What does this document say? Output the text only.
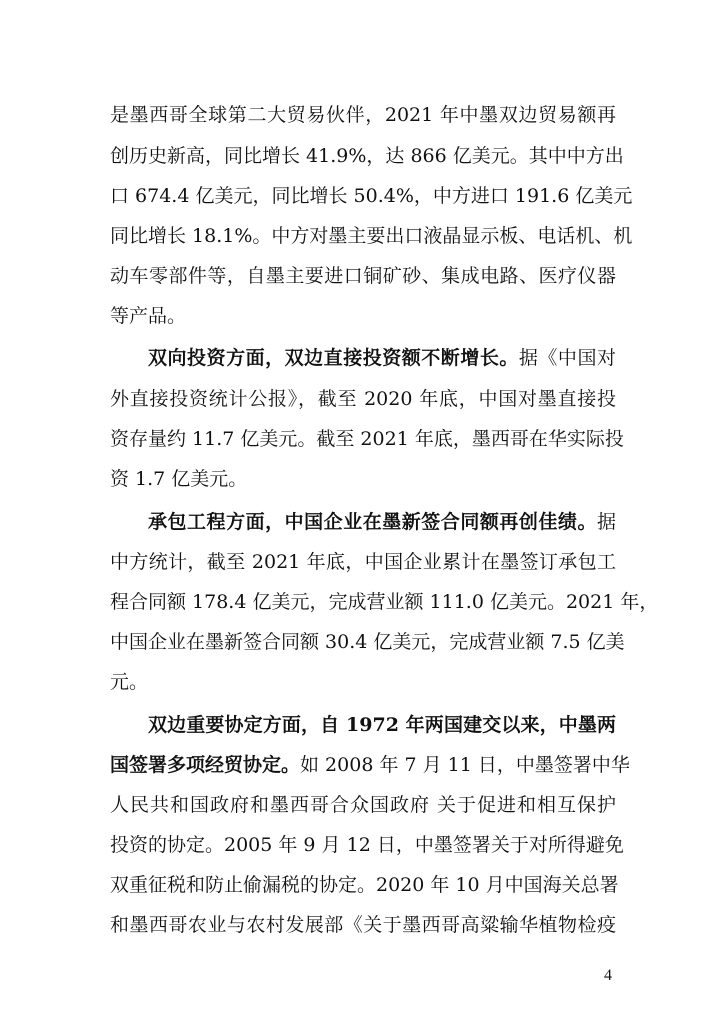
是墨西哥全球第二大贸易伙伴，2021 年中墨双边贸易额再
创历史新高，同比增长 41.9%，达 866 亿美元。其中中方出
口 674.4 亿美元，同比增长 50.4%，中方进口 191.6 亿美元
同比增长 18.1%。中方对墨主要出口液晶显示板、电话机、机
动车零部件等，自墨主要进口铜矿砂、集成电路、医疗仪器
等产品。
双向投资方面，双边直接投资额不断增长。据《中国对
外直接投资统计公报》，截至 2020 年底，中国对墨直接投
资存量约 11.7 亿美元。截至 2021 年底，墨西哥在华实际投
资 1.7 亿美元。
承包工程方面，中国企业在墨新签合同额再创佳绩。据
中方统计，截至 2021 年底，中国企业累计在墨签订承包工
程合同额 178.4 亿美元，完成营业额 111.0 亿美元。2021 年，
中国企业在墨新签合同额 30.4 亿美元，完成营业额 7.5 亿美
元。
双边重要协定方面，自 1972 年两国建交以来，中墨两
国签署多项经贸协定。如 2008 年 7 月 11 日，中墨签署中华
人民共和国政府和墨西哥合众国政府 关于促进和相互保护
投资的协定。2005 年 9 月 12 日，中墨签署关于对所得避免
双重征税和防止偷漏税的协定。2020 年 10 月中国海关总署
和墨西哥农业与农村发展部《关于墨西哥高粱输华植物检疫
4
